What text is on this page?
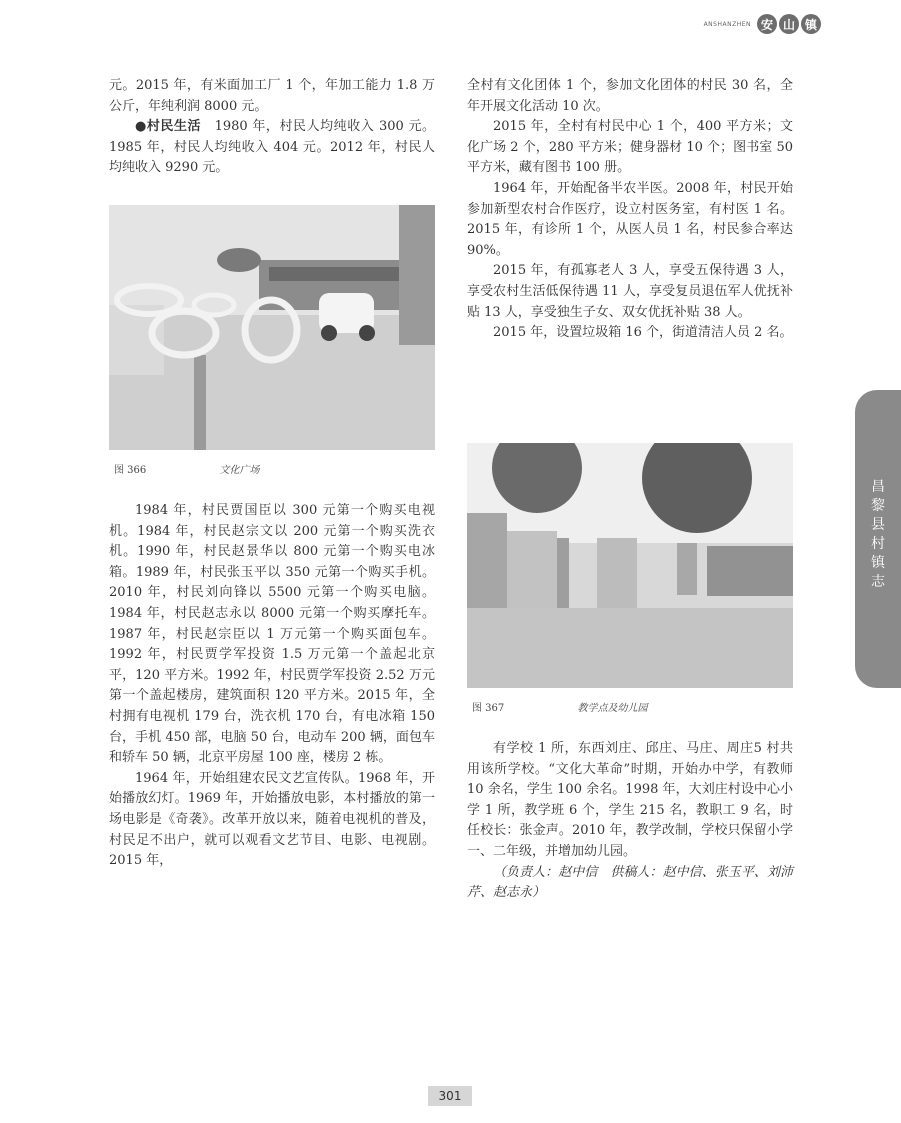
ANSHANZHEN 安 山 镇

元。2015 年，有米面加工厂 1 个，年加工能力 1.8 万公斤，年纯利润 8000 元。

●村民生活　1980 年，村民人均纯收入 300 元。1985 年，村民人均纯收入 404 元。2012 年，村民人均纯收入 9290 元。

图 366	文化广场

1984 年，村民贾国臣以 300 元第一个购买电视机。1984 年，村民赵宗文以 200 元第一个购买洗衣机。1990 年，村民赵景华以 800 元第一个购买电冰箱。1989 年，村民张玉平以 350 元第一个购买手机。2010 年，村民刘向锋以 5500 元第一个购买电脑。1984 年，村民赵志永以 8000 元第一个购买摩托车。1987 年，村民赵宗臣以 1 万元第一个购买面包车。1992 年，村民贾学军投资 1.5 万元第一个盖起北京平，120 平方米。1992 年，村民贾学军投资 2.52 万元第一个盖起楼房，建筑面积 120 平方米。2015 年，全村拥有电视机 179 台，洗衣机 170 台，有电冰箱 150 台，手机 450 部，电脑 50 台，电动车 200 辆，面包车和轿车 50 辆，北京平房屋 100 座，楼房 2 栋。

1964 年，开始组建农民文艺宣传队。1968 年，开始播放幻灯。1969 年，开始播放电影，本村播放的第一场电影是《奇袭》。改革开放以来，随着电视机的普及，村民足不出户，就可以观看文艺节目、电影、电视剧。2015 年，

全村有文化团体 1 个，参加文化团体的村民 30 名，全年开展文化活动 10 次。

2015 年，全村有村民中心 1 个，400 平方米；文化广场 2 个，280 平方米；健身器材 10 个；图书室 50 平方米，藏有图书 100 册。

1964 年，开始配备半农半医。2008 年，村民开始参加新型农村合作医疗，设立村医务室，有村医 1 名。2015 年，有诊所 1 个，从医人员 1 名，村民参合率达 90%。

2015 年，有孤寡老人 3 人，享受五保待遇 3 人，享受农村生活低保待遇 11 人，享受复员退伍军人优抚补贴 13 人，享受独生子女、双女优抚补贴 38 人。

2015 年，设置垃圾箱 16 个，街道清洁人员 2 名。

图 367	教学点及幼儿园

有学校 1 所，东西刘庄、邱庄、马庄、周庄5 村共用该所学校。“文化大革命”时期，开始办中学，有教师 10 余名，学生 100 余名。1998 年，大刘庄村设中心小学 1 所，教学班 6 个，学生 215 名，教职工 9 名，时任校长：张金声。2010 年，教学改制，学校只保留小学一、二年级，并增加幼儿园。

（负责人：赵中信　供稿人：赵中信、张玉平、刘沛芹、赵志永）

昌
黎
县
村
镇
志
301
